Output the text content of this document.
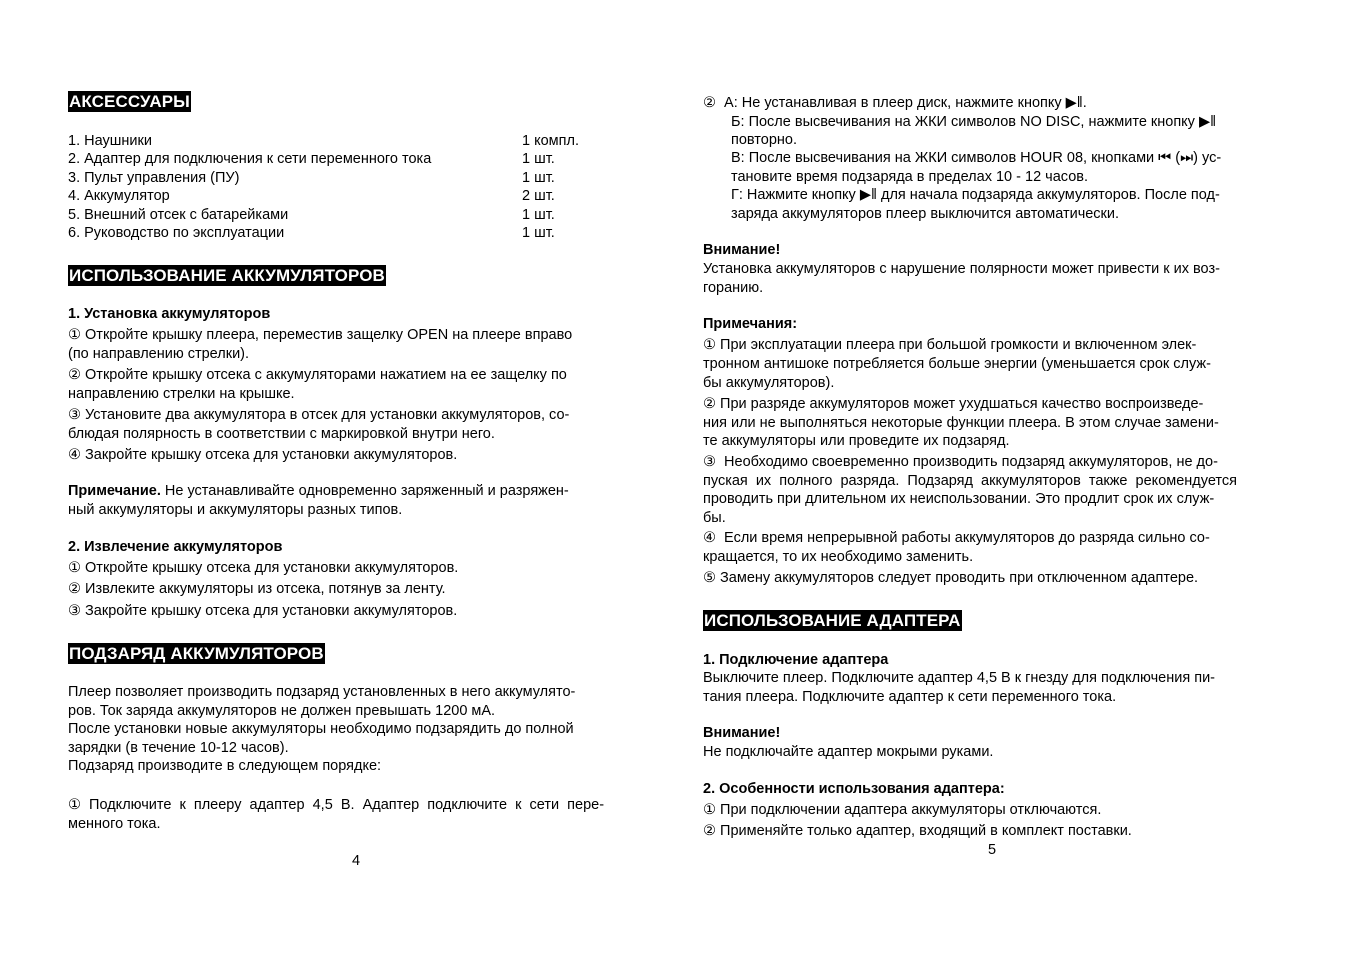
АКСЕССУАРЫ
1. Наушники	1 компл.
2. Адаптер для подключения к сети переменного тока	1 шт.
3. Пульт управления (ПУ)	1 шт.
4. Аккумулятор	2 шт.
5. Внешний отсек с батарейками	1 шт.
6. Руководство по эксплуатации	1 шт.
ИСПОЛЬЗОВАНИЕ АККУМУЛЯТОРОВ
1. Установка аккумуляторов
① Откройте крышку плеера, переместив защелку OPEN на плеере вправо
(по направлению стрелки).
② Откройте крышку отсека с аккумуляторами нажатием на ее защелку по
направлению стрелки на крышке.
③ Установите два аккумулятора в отсек для установки аккумуляторов, со-
блюдая полярность в соответствии с маркировкой внутри него.
④ Закройте крышку отсека для установки аккумуляторов.
Примечание. Не устанавливайте одновременно заряженный и разряжен-
ный аккумуляторы и аккумуляторы разных типов.
2. Извлечение аккумуляторов
① Откройте крышку отсека для установки аккумуляторов.
② Извлеките аккумуляторы из отсека, потянув за ленту.
③ Закройте крышку отсека для установки аккумуляторов.
ПОДЗАРЯД АККУМУЛЯТОРОВ
Плеер позволяет производить подзаряд установленных в него аккумулято-
ров. Ток заряда аккумуляторов не должен превышать 1200 мА.
После установки новые аккумуляторы необходимо подзарядить до полной
зарядки (в течение 10-12 часов).
Подзаряд производите в следующем порядке:
①  Подключите  к  плееру  адаптер  4,5  В.  Адаптер  подключите  к  сети  пере-
менного тока.
4
②  А: Не устанавливая в плеер диск, нажмите кнопку ▶‖.
Б: После высвечивания на ЖКИ символов NO DISC, нажмите кнопку ▶‖
повторно.
В: После высвечивания на ЖКИ символов HOUR 08, кнопками ⏮ (⏭) ус-
тановите время подзаряда в пределах 10 - 12 часов.
Г: Нажмите кнопку ▶‖ для начала подзаряда аккумуляторов. После под-
заряда аккумуляторов плеер выключится автоматически.
Внимание!
Установка аккумуляторов с нарушение полярности может привести к их воз-
горанию.
Примечания:
① При эксплуатации плеера при большой громкости и включенном элек-
тронном антишоке потребляется больше энергии (уменьшается срок служ-
бы аккумуляторов).
② При разряде аккумуляторов может ухудшаться качество воспроизведе-
ния или не выполняться некоторые функции плеера. В этом случае замени-
те аккумуляторы или проведите их подзаряд.
③  Необходимо своевременно производить подзаряд аккумуляторов, не до-
пуская  их  полного  разряда.  Подзаряд  аккумуляторов  также  рекомендуется
проводить при длительном их неиспользовании. Это продлит срок их служ-
бы.
④  Если время непрерывной работы аккумуляторов до разряда сильно со-
кращается, то их необходимо заменить.
⑤ Замену аккумуляторов следует проводить при отключенном адаптере.
ИСПОЛЬЗОВАНИЕ АДАПТЕРА
1. Подключение адаптера
Выключите плеер. Подключите адаптер 4,5 В к гнезду для подключения пи-
тания плеера. Подключите адаптер к сети переменного тока.
Внимание!
Не подключайте адаптер мокрыми руками.
2. Особенности использования адаптера:
① При подключении адаптера аккумуляторы отключаются.
② Применяйте только адаптер, входящий в комплект поставки.
5
